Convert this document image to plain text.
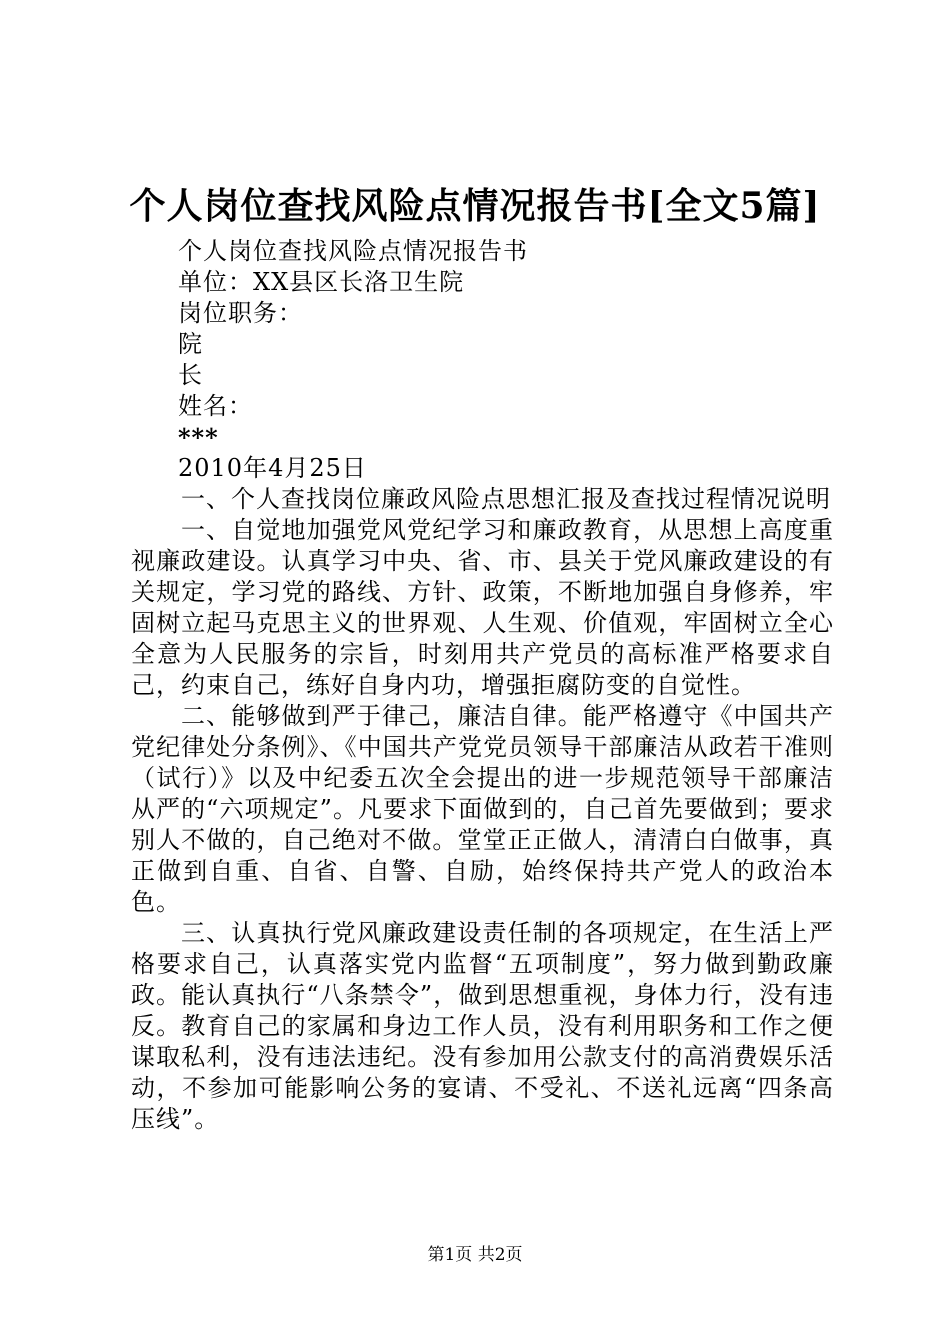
个人岗位查找风险点情况报告书[全文5篇]
个人岗位查找风险点情况报告书
单位：XX县区长洛卫生院
岗位职务：
院
长
姓名：
***
2010年4月25日

一、个人查找岗位廉政风险点思想汇报及查找过程情况说明

一、自觉地加强党风党纪学习和廉政教育，从思想上高度重视廉政建设。认真学习中央、省、市、县关于党风廉政建设的有关规定，学习党的路线、方针、政策，不断地加强自身修养，牢固树立起马克思主义的世界观、人生观、价值观，牢固树立全心全意为人民服务的宗旨，时刻用共产党员的高标准严格要求自己，约束自己，练好自身内功，增强拒腐防变的自觉性。

二、能够做到严于律己，廉洁自律。能严格遵守《中国共产党纪律处分条例》、《中国共产党党员领导干部廉洁从政若干准则（试行）》以及中纪委五次全会提出的进一步规范领导干部廉洁从严的“六项规定”。凡要求下面做到的，自己首先要做到；要求别人不做的，自己绝对不做。堂堂正正做人，清清白白做事，真正做到自重、自省、自警、自励，始终保持共产党人的政治本色。

三、认真执行党风廉政建设责任制的各项规定，在生活上严格要求自己，认真落实党内监督“五项制度”，努力做到勤政廉政。能认真执行“八条禁令”，做到思想重视，身体力行，没有违反。教育自己的家属和身边工作人员，没有利用职务和工作之便谋取私利，没有违法违纪。没有参加用公款支付的高消费娱乐活动，不参加可能影响公务的宴请、不受礼、不送礼远离“四条高压线”。

第1页 共2页
